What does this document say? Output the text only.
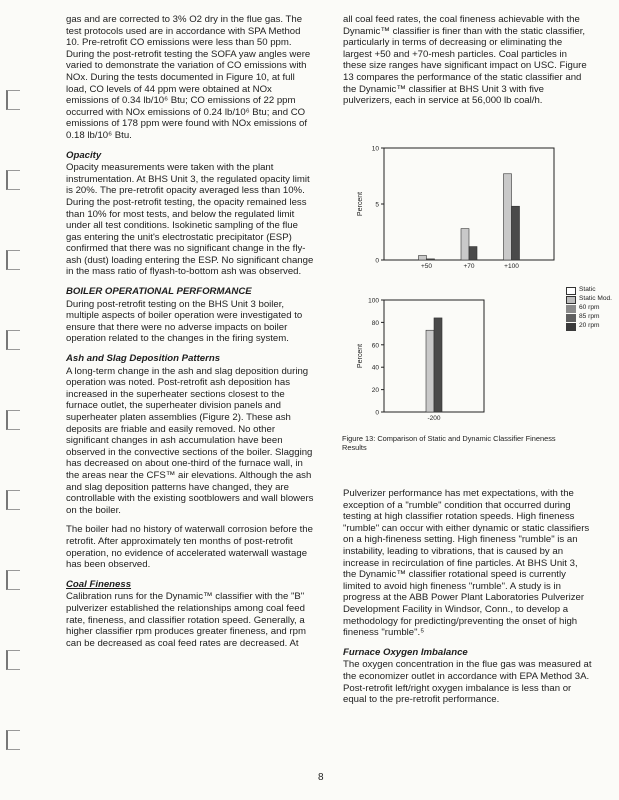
gas and are corrected to 3% O2 dry in the flue gas. The test protocols used are in accordance with SPA Method 10. Pre-retrofit CO emissions were less than 50 ppm. During the post-retrofit testing the SOFA yaw angles were varied to demonstrate the variation of CO emissions with NOx. During the tests documented in Figure 10, at full load, CO levels of 44 ppm were obtained at NOx emissions of 0.34 lb/10⁶ Btu; CO emissions of 22 ppm occurred with NOx emissions of 0.24 lb/10⁶ Btu; and CO emissions of 178 ppm were found with NOx emissions of 0.18 lb/10⁶ Btu.

Opacity

Opacity measurements were taken with the plant instrumentation. At BHS Unit 3, the regulated opacity limit is 20%. The pre-retrofit opacity averaged less than 10%. During the post-retrofit testing, the opacity remained less than 10% for most tests, and below the regulated limit under all test conditions. Isokinetic sampling of the flue gas entering the unit's electrostatic precipitator (ESP) confirmed that there was no significant change in the fly-ash (dust) loading entering the ESP. No significant change in the mass ratio of flyash-to-bottom ash was observed.

BOILER OPERATIONAL PERFORMANCE

During post-retrofit testing on the BHS Unit 3 boiler, multiple aspects of boiler operation were investigated to ensure that there were no adverse impacts on boiler operation related to the changes in the firing system.

Ash and Slag Deposition Patterns

A long-term change in the ash and slag deposition during operation was noted. Post-retrofit ash deposition has increased in the superheater sections closest to the furnace outlet, the superheater division panels and superheater platen assemblies (Figure 2). These ash deposits are friable and easily removed. No other significant changes in ash accumulation have been observed in the convective sections of the boiler. Slagging has decreased on about one-third of the furnace wall, in the areas near the CFS™ air elevations. Although the ash and slag deposition patterns have changed, they are controllable with the existing sootblowers and wall blowers on the boiler.

The boiler had no history of waterwall corrosion before the retrofit. After approximately ten months of post-retrofit operation, no evidence of accelerated waterwall wastage has been observed.

Coal Fineness

Calibration runs for the Dynamic™ classifier with the "B" pulverizer established the relationships among coal feed rate, fineness, and classifier rotation speed. Generally, a higher classifier rpm produces greater fineness, and rpm can be decreased as coal feed rates are decreased. At

all coal feed rates, the coal fineness achievable with the Dynamic™ classifier is finer than with the static classifier, particularly in terms of decreasing or eliminating the largest +50 and +70-mesh particles. Coal particles in these size ranges have significant impact on USC. Figure 13 compares the performance of the static classifier and the Dynamic™ classifier at BHS Unit 3 with five pulverizers, each in service at 56,000 lb coal/h.

0
5
10
Percent
+50	+70	+100
0
20
40
60
80
100
Percent
-200
Static
Static Mod.
60 rpm
85 rpm
20 rpm
Figure 13: Comparison of Static and Dynamic Classifier Fineness Results

Pulverizer performance has met expectations, with the exception of a "rumble" condition that occurred during testing at high classifier rotation speeds. High fineness "rumble" can occur with either dynamic or static classifiers on a high-fineness setting. High fineness "rumble" is an instability, leading to vibrations, that is caused by an increase in recirculation of fine particles. At BHS Unit 3, the Dynamic™ classifier rotational speed is currently limited to avoid high fineness "rumble". A study is in progress at the ABB Power Plant Laboratories Pulverizer Development Facility in Windsor, Conn., to develop a methodology for predicting/preventing the onset of high fineness "rumble".⁵

Furnace Oxygen Imbalance

The oxygen concentration in the flue gas was measured at the economizer outlet in accordance with EPA Method 3A. Post-retrofit left/right oxygen imbalance is less than or equal to the pre-retrofit performance.

8
